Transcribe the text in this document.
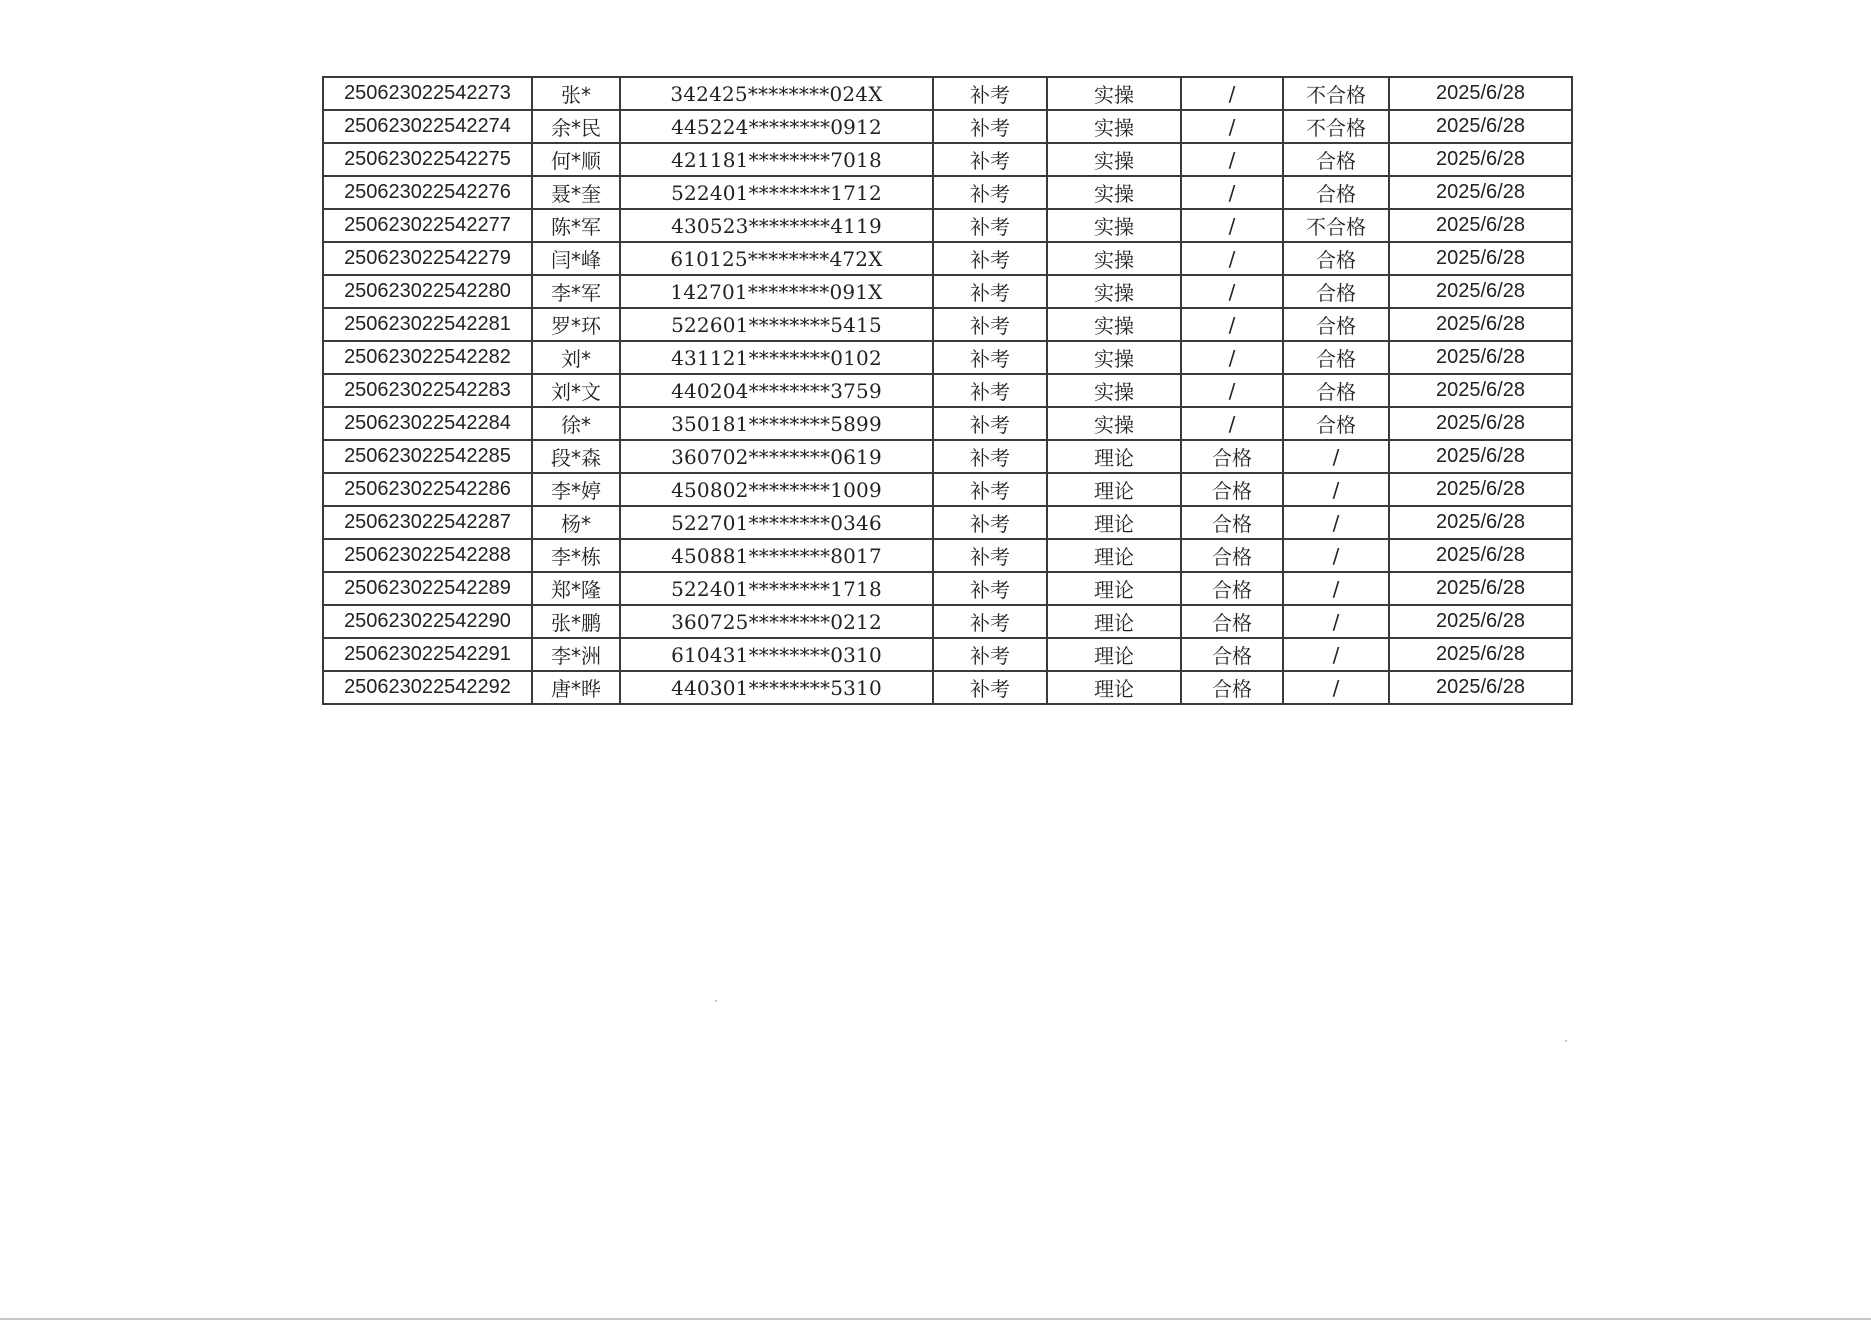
250623022542273	张*	342425********024X	补考	实操	/	不合格	2025/6/28
250623022542274	余*民	445224********0912	补考	实操	/	不合格	2025/6/28
250623022542275	何*顺	421181********7018	补考	实操	/	合格	2025/6/28
250623022542276	聂*奎	522401********1712	补考	实操	/	合格	2025/6/28
250623022542277	陈*军	430523********4119	补考	实操	/	不合格	2025/6/28
250623022542279	闫*峰	610125********472X	补考	实操	/	合格	2025/6/28
250623022542280	李*军	142701********091X	补考	实操	/	合格	2025/6/28
250623022542281	罗*环	522601********5415	补考	实操	/	合格	2025/6/28
250623022542282	刘*	431121********0102	补考	实操	/	合格	2025/6/28
250623022542283	刘*文	440204********3759	补考	实操	/	合格	2025/6/28
250623022542284	徐*	350181********5899	补考	实操	/	合格	2025/6/28
250623022542285	段*森	360702********0619	补考	理论	合格	/	2025/6/28
250623022542286	李*婷	450802********1009	补考	理论	合格	/	2025/6/28
250623022542287	杨*	522701********0346	补考	理论	合格	/	2025/6/28
250623022542288	李*栋	450881********8017	补考	理论	合格	/	2025/6/28
250623022542289	郑*隆	522401********1718	补考	理论	合格	/	2025/6/28
250623022542290	张*鹏	360725********0212	补考	理论	合格	/	2025/6/28
250623022542291	李*洲	610431********0310	补考	理论	合格	/	2025/6/28
250623022542292	唐*晔	440301********5310	补考	理论	合格	/	2025/6/28
